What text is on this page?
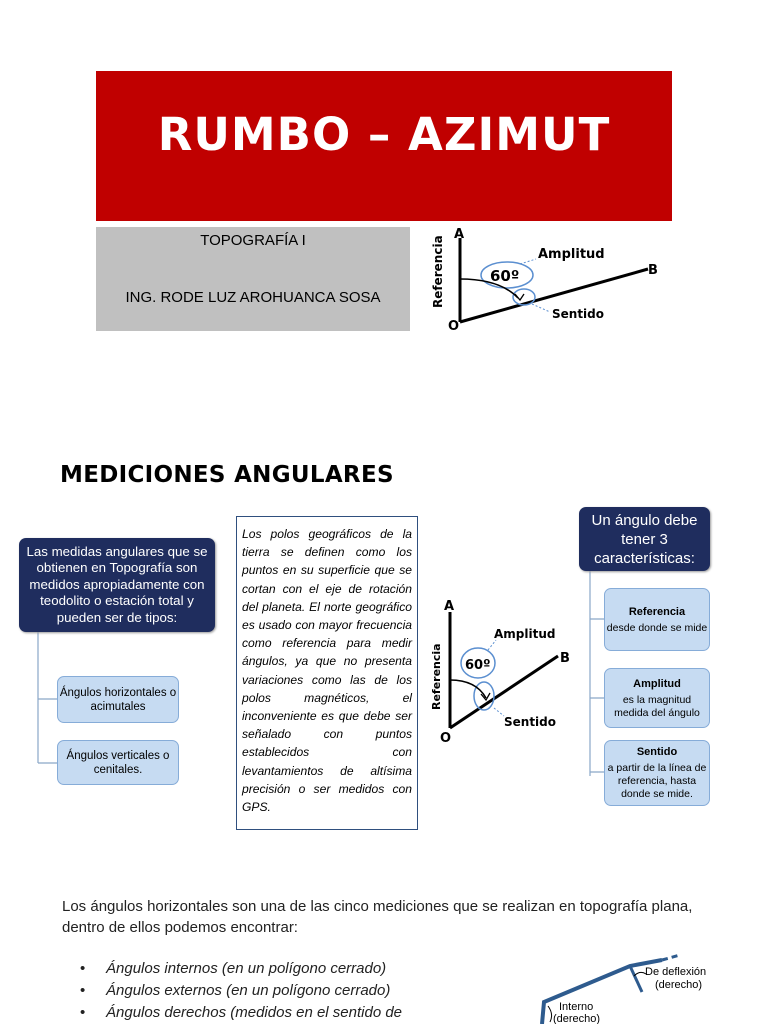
RUMBO – AZIMUT
TOPOGRAFÍA I
ING. RODE LUZ AROHUANCA SOSA
A
B
O
Amplitud
60º
Sentido
Referencia
MEDICIONES ANGULARES
Las medidas angulares que se obtienen en Topografía son medidos apropiadamente con teodolito o estación total y pueden ser de tipos:
Ángulos horizontales o acimutales
Ángulos verticales o cenitales.
Los polos geográficos de la tierra se definen como los puntos en su superficie que se cortan con el eje de rotación del planeta. El norte geográfico es usado con mayor frecuencia como referencia para medir ángulos, ya que no presenta variaciones como las de los polos magnéticos, el inconveniente es que debe ser señalado con puntos establecidos con levantamientos de altísima precisión o ser medidos con GPS.
A
B
O
Amplitud
60º
Sentido
Referencia
Un ángulo debe tener 3 características:
Referencia
desde donde se mide
Amplitud
es la magnitud medida del ángulo
Sentido
a partir de la línea de referencia, hasta donde se mide.
Los ángulos horizontales son una de las cinco mediciones que se realizan en topografía plana, dentro de ellos podemos encontrar:
• Ángulos internos (en un polígono cerrado)
• Ángulos externos (en un polígono cerrado)
• Ángulos derechos (medidos en el sentido de
De deflexión
(derecho)
Interno
(derecho)
